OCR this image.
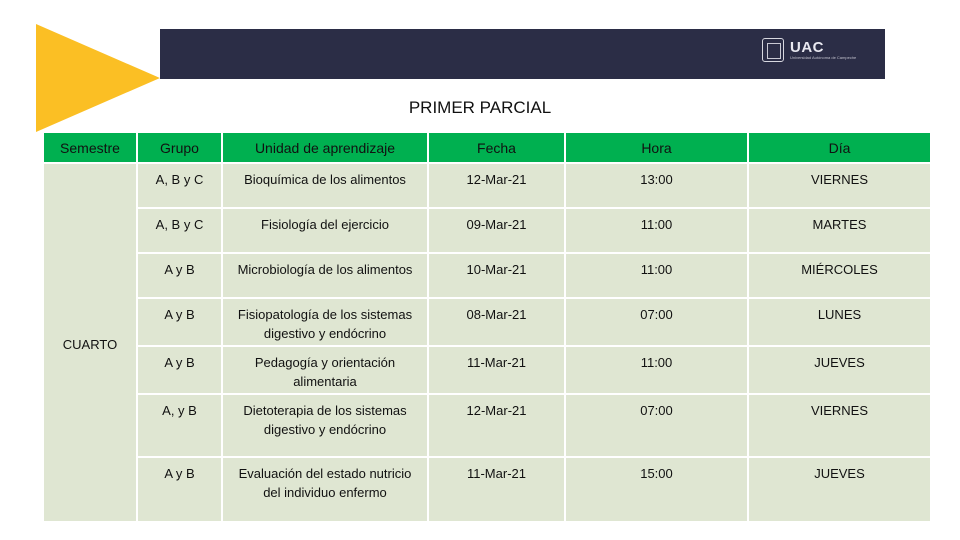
UAC
Universidad Autónoma de Campeche
PRIMER PARCIAL
Semestre	Grupo	Unidad de aprendizaje	Fecha	Hora	Día
CUARTO	A, B y C	Bioquímica de los alimentos	12-Mar-21	13:00	VIERNES
	A, B y C	Fisiología del ejercicio	09-Mar-21	11:00	MARTES
	A y B	Microbiología de los alimentos	10-Mar-21	11:00	MIÉRCOLES
	A y B	Fisiopatología de los sistemas digestivo y endócrino	08-Mar-21	07:00	LUNES
	A y B	Pedagogía y orientación alimentaria	11-Mar-21	11:00	JUEVES
	A, y B	Dietoterapia de los sistemas digestivo y endócrino	12-Mar-21	07:00	VIERNES
	A y B	Evaluación del estado nutricio del individuo enfermo	11-Mar-21	15:00	JUEVES
